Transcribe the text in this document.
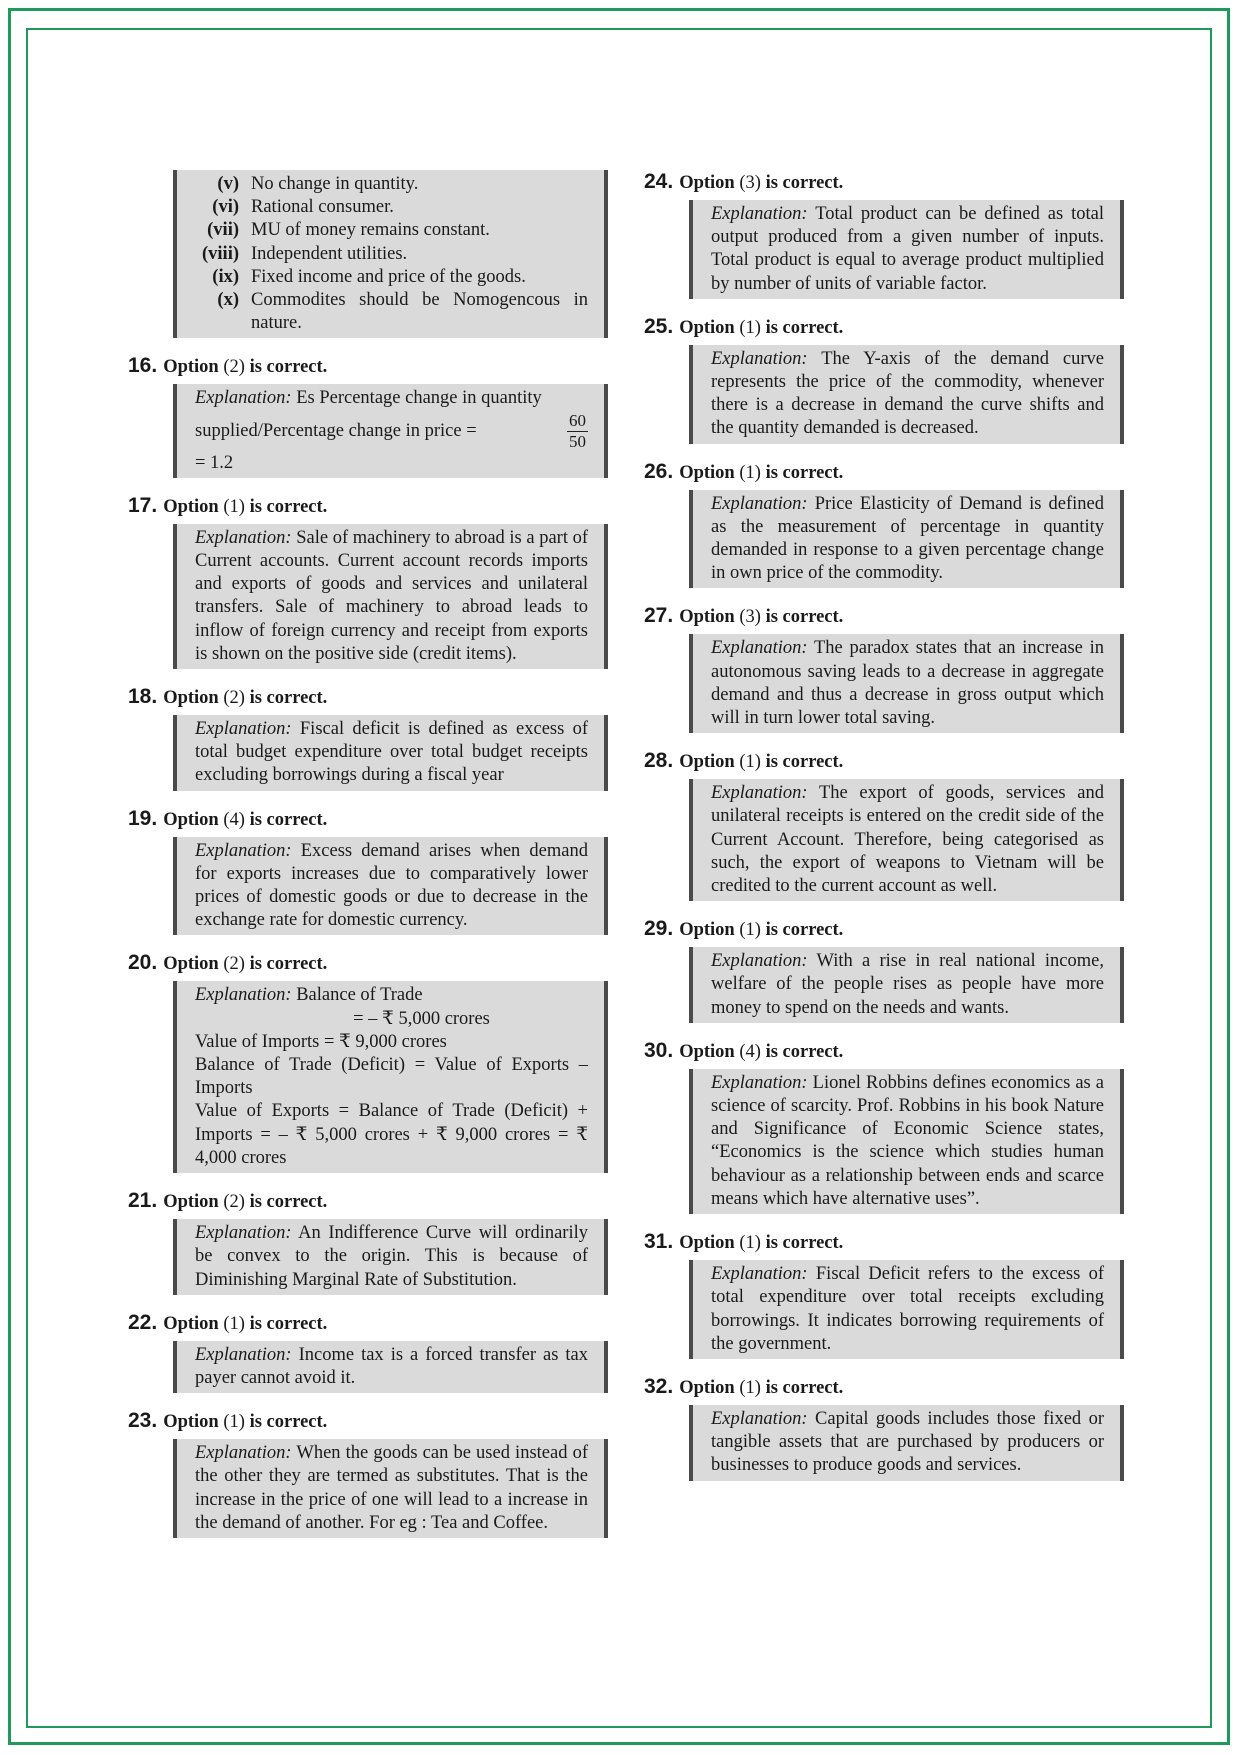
(v) No change in quantity.
(vi) Rational consumer.
(vii) MU of money remains constant.
(viii) Independent utilities.
(ix) Fixed income and price of the goods.
(x) Commodites should be Nomogencous in nature.
16. Option (2) is correct.
Explanation: Es Percentage change in quantity
supplied/Percentage change in price =	$\frac{60}{50}$
= 1.2
17. Option (1) is correct.
Explanation: Sale of machinery to abroad is a part of Current accounts. Current account records imports and exports of goods and services and unilateral transfers. Sale of machinery to abroad leads to inflow of foreign currency and receipt from exports is shown on the positive side (credit items).
18. Option (2) is correct.
Explanation: Fiscal deficit is defined as excess of total budget expenditure over total budget receipts excluding borrowings during a fiscal year
19. Option (4) is correct.
Explanation: Excess demand arises when demand for exports increases due to comparatively lower prices of domestic goods or due to decrease in the exchange rate for domestic currency.
20. Option (2) is correct.
Explanation: Balance of Trade
= – ₹ 5,000 crores
Value of Imports = ₹ 9,000 crores
Balance of Trade (Deficit) = Value of Exports – Imports
Value of Exports = Balance of Trade (Deficit) + Imports = – ₹ 5,000 crores + ₹ 9,000 crores = ₹ 4,000 crores
21. Option (2) is correct.
Explanation: An Indifference Curve will ordinarily be convex to the origin. This is because of Diminishing Marginal Rate of Substitution.
22. Option (1) is correct.
Explanation: Income tax is a forced transfer as tax payer cannot avoid it.
23. Option (1) is correct.
Explanation: When the goods can be used instead of the other they are termed as substitutes. That is the increase in the price of one will lead to a increase in the demand of another. For eg : Tea and Coffee.
24. Option (3) is correct.
Explanation: Total product can be defined as total output produced from a given number of inputs. Total product is equal to average product multiplied by number of units of variable factor.
25. Option (1) is correct.
Explanation: The Y-axis of the demand curve represents the price of the commodity, whenever there is a decrease in demand the curve shifts and the quantity demanded is decreased.
26. Option (1) is correct.
Explanation: Price Elasticity of Demand is defined as the measurement of percentage in quantity demanded in response to a given percentage change in own price of the commodity.
27. Option (3) is correct.
Explanation: The paradox states that an increase in autonomous saving leads to a decrease in aggregate demand and thus a decrease in gross output which will in turn lower total saving.
28. Option (1) is correct.
Explanation: The export of goods, services and unilateral receipts is entered on the credit side of the Current Account. Therefore, being categorised as such, the export of weapons to Vietnam will be credited to the current account as well.
29. Option (1) is correct.
Explanation: With a rise in real national income, welfare of the people rises as people have more money to spend on the needs and wants.
30. Option (4) is correct.
Explanation: Lionel Robbins defines economics as a science of scarcity. Prof. Robbins in his book Nature and Significance of Economic Science states, “Economics is the science which studies human behaviour as a relationship between ends and scarce means which have alternative uses”.
31. Option (1) is correct.
Explanation: Fiscal Deficit refers to the excess of total expenditure over total receipts excluding borrowings. It indicates borrowing requirements of the government.
32. Option (1) is correct.
Explanation: Capital goods includes those fixed or tangible assets that are purchased by producers or businesses to produce goods and services.
